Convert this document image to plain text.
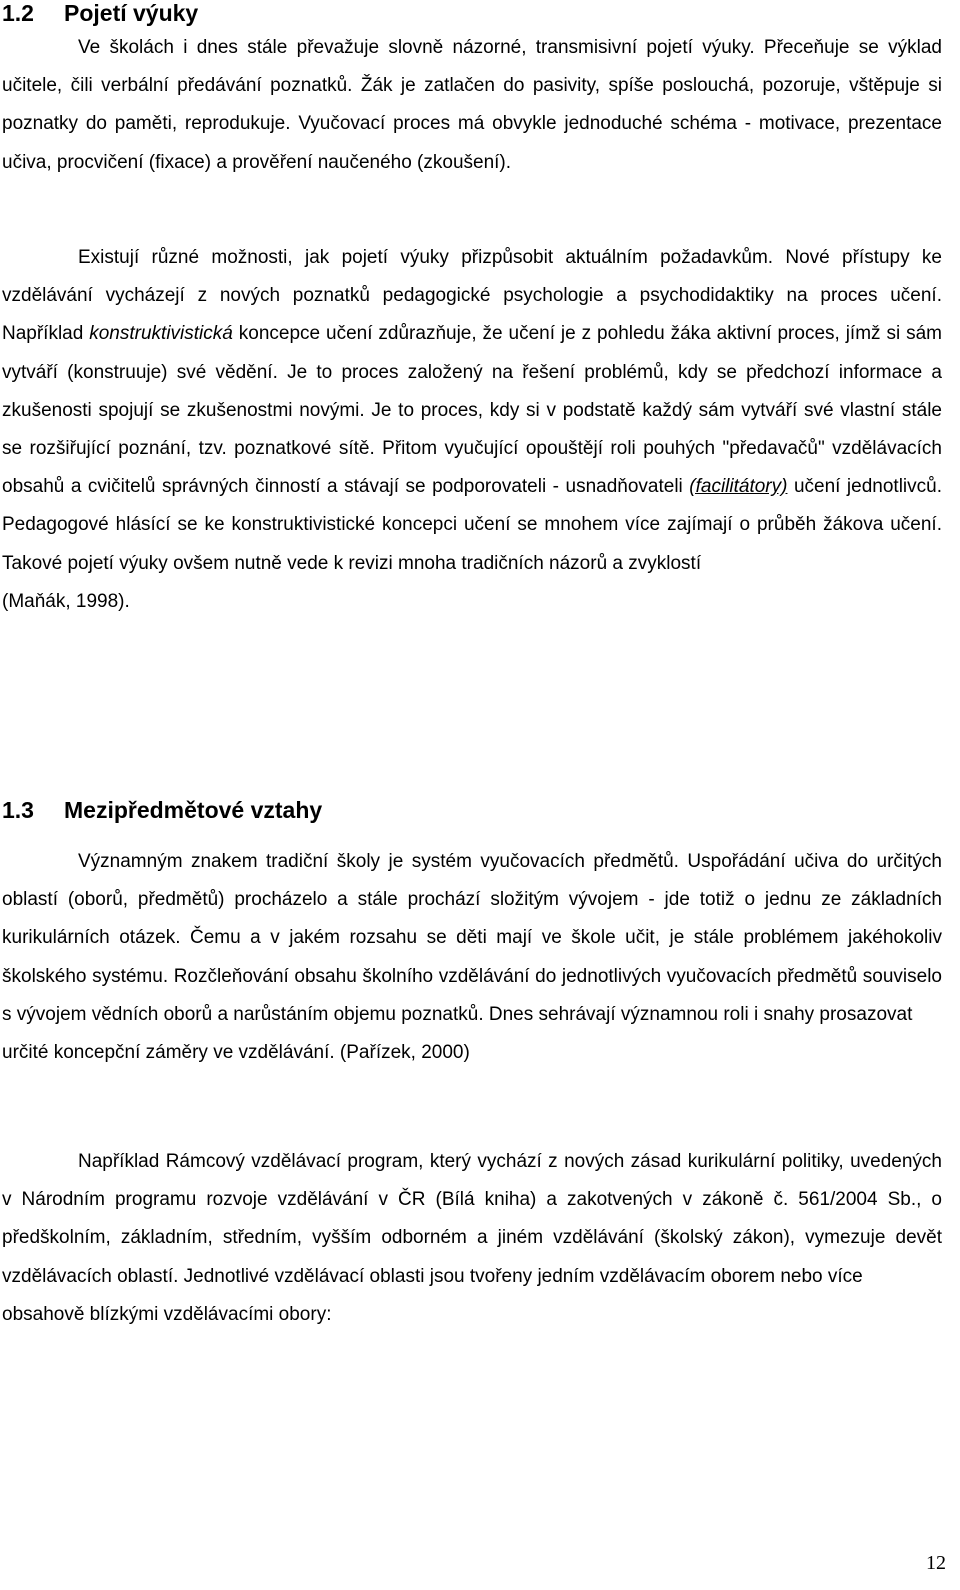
1.2 Pojetí výuky

Ve školách i dnes stále převažuje slovně názorné, transmisivní pojetí výuky. Přeceňuje se výklad učitele, čili verbální předávání poznatků. Žák je zatlačen do pasivity, spíše poslouchá, pozoruje, vštěpuje si poznatky do paměti, reprodukuje. Vyučovací proces má obvykle jednoduché schéma - motivace, prezentace učiva, procvičení (fixace) a prověření naučeného (zkoušení).

Existují různé možnosti, jak pojetí výuky přizpůsobit aktuálním požadavkům. Nové přístupy ke vzdělávání vycházejí z nových poznatků pedagogické psychologie a psychodidaktiky na proces učení. Například konstruktivistická koncepce učení zdůrazňuje, že učení je z pohledu žáka aktivní proces, jímž si sám vytváří (konstruuje) své vědění. Je to proces založený na řešení problémů, kdy se předchozí informace a zkušenosti spojují se zkušenostmi novými. Je to proces, kdy si v podstatě každý sám vytváří své vlastní stále se rozšiřující poznání, tzv. poznatkové sítě. Přitom vyučující opouštějí roli pouhých "předavačů" vzdělávacích obsahů a cvičitelů správných činností a stávají se podporovateli - usnadňovateli (facilitátory) učení jednotlivců. Pedagogové hlásící se ke konstruktivistické koncepci učení se mnohem více zajímají o průběh žákova učení. Takové pojetí výuky ovšem nutně vede k revizi mnoha tradičních názorů a zvyklostí
(Maňák, 1998).

1.3 Mezipředmětové vztahy

Významným znakem tradiční školy je systém vyučovacích předmětů. Uspořádání učiva do určitých oblastí (oborů, předmětů) procházelo a stále prochází složitým vývojem - jde totiž o jednu ze základních kurikulárních otázek. Čemu a v jakém rozsahu se děti mají ve škole učit, je stále problémem jakéhokoliv školského systému. Rozčleňování obsahu školního vzdělávání do jednotlivých vyučovacích předmětů souviselo s vývojem vědních oborů a narůstáním objemu poznatků. Dnes sehrávají významnou roli i snahy prosazovat
určité koncepční záměry ve vzdělávání. (Pařízek, 2000)

Například Rámcový vzdělávací program, který vychází z nových zásad kurikulární politiky, uvedených v Národním programu rozvoje vzdělávání v ČR (Bílá kniha) a zakotvených v zákoně č. 561/2004 Sb., o předškolním, základním, středním, vyšším odborném a jiném vzdělávání (školský zákon), vymezuje devět vzdělávacích oblastí. Jednotlivé vzdělávací oblasti jsou tvořeny jedním vzdělávacím oborem nebo více
obsahově blízkými vzdělávacími obory:

12
